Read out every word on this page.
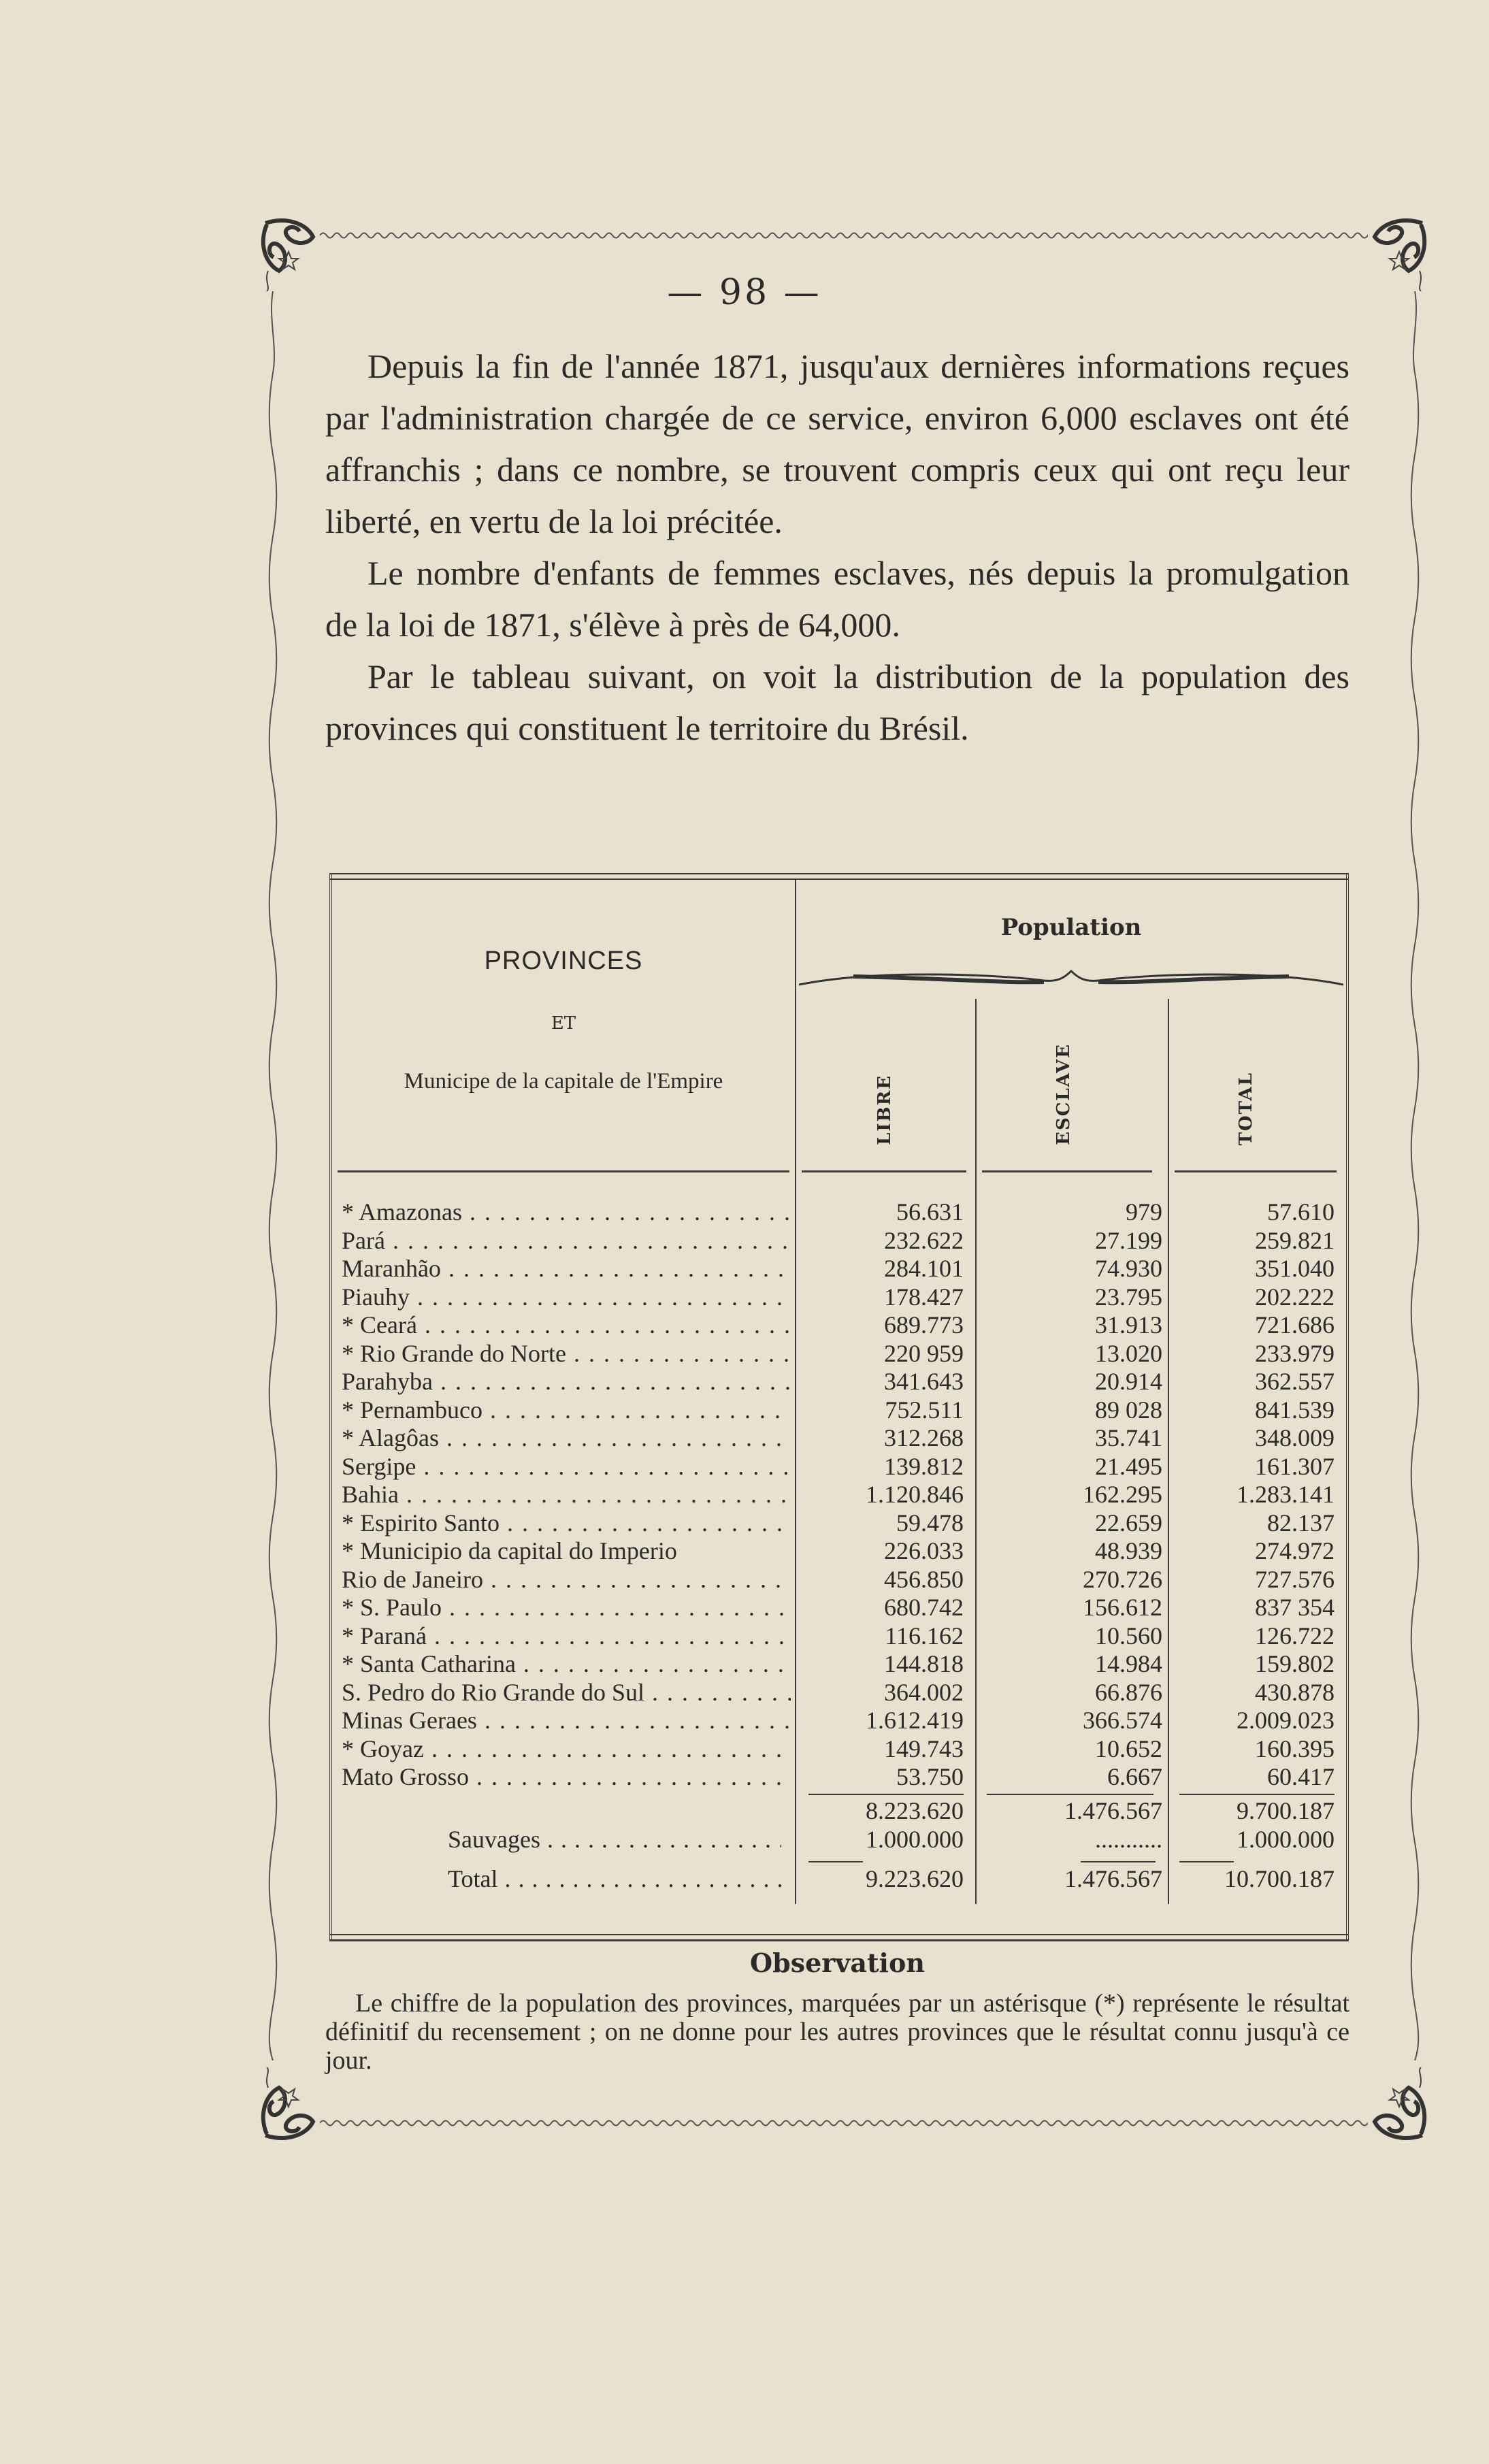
— 98 —

Depuis la fin de l'année 1871, jusqu'aux dernières informations reçues par l'administration chargée de ce service, environ 6,000 esclaves ont été affranchis ; dans ce nombre, se trouvent compris ceux qui ont reçu leur liberté, en vertu de la loi précitée.

Le nombre d'enfants de femmes esclaves, nés depuis la promulgation de la loi de 1871, s'élève à près de 64,000.

Par le tableau suivant, on voit la distribution de la population des provinces qui constituent le territoire du Brésil.

PROVINCES
ET
Municipe de la capitale de l'Empire
Population
LIBRE	ESCLAVE	TOTAL
* Amazonas . . .	56.631	979	57.610
Pará . . .	232.622	27.199	259.821
Maranhão . . .	284.101	74.930	351.040
Piauhy . . .	178.427	23.795	202.222
* Ceará . . .	689.773	31.913	721.686
* Rio Grande do Norte . . .	220 959	13.020	233.979
Parahyba . . .	341.643	20.914	362.557
* Pernambuco . . .	752.511	89 028	841.539
* Alagôas . . .	312.268	35.741	348.009
Sergipe . . .	139.812	21.495	161.307
Bahia . . .	1.120.846	162.295	1.283.141
* Espirito Santo . . .	59.478	22.659	82.137
* Municipio da capital do Imperio	226.033	48.939	274.972
Rio de Janeiro . . .	456.850	270.726	727.576
* S. Paulo . . .	680.742	156.612	837 354
* Paraná . . .	116.162	10.560	126.722
* Santa Catharina . . .	144.818	14.984	159.802
S. Pedro do Rio Grande do Sul . . .	364.002	66.876	430.878
Minas Geraes . . .	1.612.419	366.574	2.009.023
* Goyaz . . .	149.743	10.652	160.395
Mato Grosso . . .	53.750	6.667	60.417
8.223.620	1.476.567	9.700.187
Sauvages . . .	1.000.000	...........	1.000.000
Total . . .	9.223.620	1.476.567	10.700.187
Observation

Le chiffre de la population des provinces, marquées par un astérisque (*) représente le résultat définitif du recensement ; on ne donne pour les autres provinces que le résultat connu jusqu'à ce jour.
